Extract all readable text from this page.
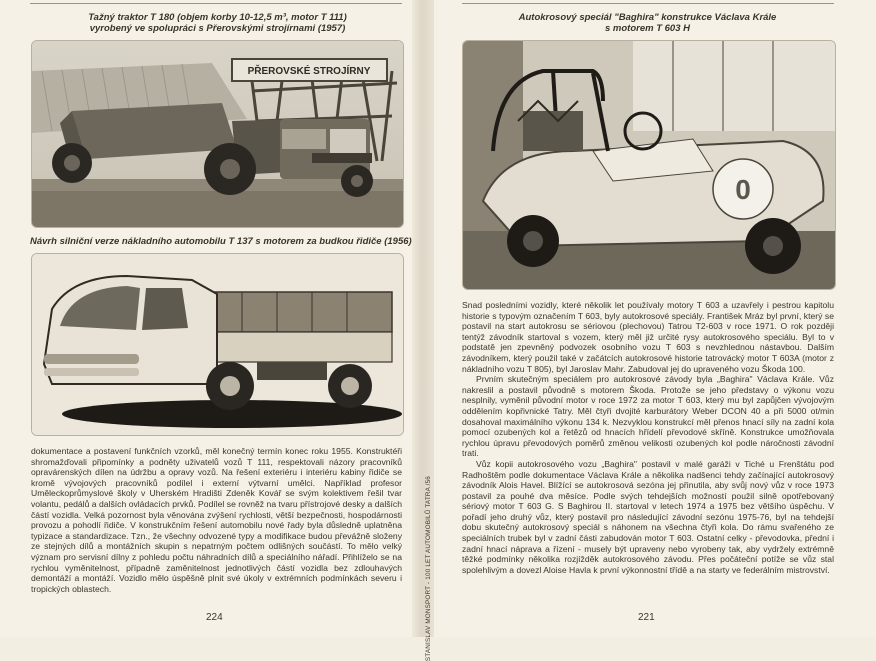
Tažný traktor T 180 (objem korby 10-12,5 m³, motor T 111)
vyrobený ve spolupráci s Přerovskými strojírnami (1957)
PŘEROVSKÉ STROJÍRNY
Návrh silniční verze nákladního automobilu T 137 s motorem za budkou řidiče (1956)

dokumentace a postavení funkčních vzorků, měl konečný termín konec roku 1955. Konstruktéři shromažďovali připomínky a podněty uživatelů vozů T 111, respektovali názory pracovníků opravárenských dílen na údržbu a opravy vozů. Na řešení exteriéru i interiéru kabiny řidiče se kromě vývojových pracovníků podílel i externí výtvarní umělci. Například profesor Uměleckoprůmyslové školy v Uherském Hradišti Zdeněk Kovář se svým kolektivem řešil tvar volantu, pedálů a dalších ovládacích prvků. Podílel se rovněž na tvaru přístrojové desky a dalších částí vozidla. Velká pozornost byla věnována zvýšení rychlosti, větší bezpečnosti, hospodárnosti provozu a pohodlí řidiče. V konstrukčním řešení automobilu nové řady byla důsledně uplatněna typizace a standardizace. Tzn., že všechny odvozené typy a modifikace budou převážně složeny ze stejných dílů a montážních skupin s nepatrným počtem odlišných součástí. To mělo velký význam pro servisní dílny z pohledu počtu náhradních dílů a speciálního nářadí. Přihlíželo se na rychlou vyměnitelnost, případně zaměnitelnost jednotlivých částí vozidla bez zdlouhavých demontáží a montáží. Vozidlo mělo úspěšně plnit své úkoly v extrémních podmínkách severu i tropických oblastech.

224	STANISLAV MONSPORT - 100 LET AUTOMOBILŮ TATRA /56
Autokrosový speciál "Baghira" konstrukce Václava Krále
s motorem T 603 H
0

Snad posledními vozidly, které několik let používaly motory T 603 a uzavřely i pestrou kapitolu historie s typovým označením T 603, byly autokrosové speciály. František Mráz byl první, který se postavil na start autokrosu se sériovou (plechovou) Tatrou T2-603 v roce 1971. O rok později tentýž závodník startoval s vozem, který měl již určité rysy autokrosového speciálu. Byl to v podstatě jen zpevněný podvozek osobního vozu T 603 s nevzhlednou nástavbou. Dalším závodníkem, který použil také v začátcích autokrosové historie tatrovácký motor T 603A (motor z nákladního vozu T 805), byl Jaroslav Mahr. Zabudoval jej do upraveného vozu Škoda 100.

Prvním skutečným speciálem pro autokrosové závody byla „Baghira" Václava Krále. Vůz nakreslil a postavil původně s motorem Škoda. Protože se jeho představy o výkonu vozu nesplnily, vyměnil původní motor v roce 1972 za motor T 603, který mu byl zapůjčen vývojovým oddělením kopřivnické Tatry. Měl čtyři dvojité karburátory Weber DCON 40 a při 5000 ot/min dosahoval maximálního výkonu 134 k. Nezvyklou konstrukcí měl přenos hnací síly na zadní kola pomocí ozubených kol a řetězů od hnacích hřídelí převodové skříně. Konstrukce umožňovala rychlou úpravu převodových poměrů změnou velikosti ozubených kol podle náročnosti závodní trati.

Vůz kopii autokrosového vozu „Baghira" postavil v malé garáži v Tiché u Frenštátu pod Radhoštěm podle dokumentace Václava Krále a několika nadšenci tehdy začínající autokrosový závodník Alois Havel. Blížící se autokrosová sezóna jej přinutila, aby svůj nový vůz v roce 1973 postavil za pouhé dva měsíce. Podle svých tehdejších možností použil silně opotřebovaný sériový motor T 603 G. S Baghirou II. startoval v letech 1974 a 1975 bez většího úspěchu. V pořadí jeho druhý vůz, který postavil pro následující závodní sezónu 1975-76, byl na tehdejší dobu skutečný autokrosový speciál s náhonem na všechna čtyři kola. Do rámu svařeného ze speciálních trubek byl v zadní části zabudován motor T 603. Ostatní celky - převodovka, přední i zadní hnací náprava a řízení - musely být upraveny nebo vyrobeny tak, aby vydržely extrémně těžké podmínky několika rozjížděk autokrosového závodu. Přes počáteční potíže se vůz stal spolehlivým a dovezl Aloise Havla k první výkonnostní třídě a na starty ve federálním mistrovství.

221
